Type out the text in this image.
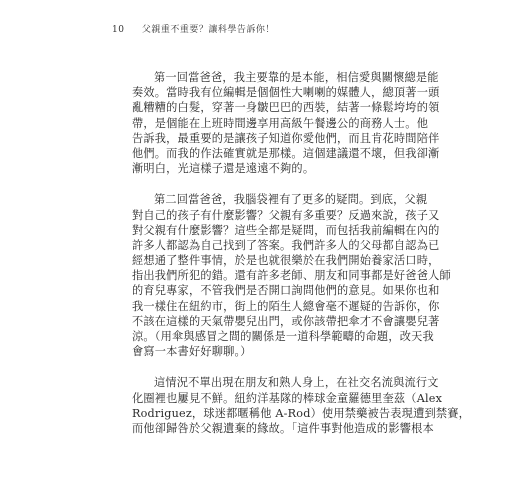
10 父親重不重要？讓科學告訴你！
第一回當爸爸，我主要靠的是本能，相信愛與關懷總是能
奏效。當時我有位編輯是個個性大喇喇的媒體人，總頂著一頭
亂糟糟的白髮，穿著一身皺巴巴的西裝，結著一條鬆垮垮的領
帶，是個能在上班時間邊享用高級午餐邊公的商務人士。他
告訴我，最重要的是讓孩子知道你愛他們，而且肯花時間陪伴
他們。而我的作法確實就是那樣。這個建議還不壞，但我卻漸
漸明白，光這樣子還是遠遠不夠的。
第二回當爸爸，我腦袋裡有了更多的疑問。到底，父親
對自己的孩子有什麼影響？父親有多重要？反過來說，孩子又
對父親有什麼影響？這些全都是疑問，而包括我前編輯在內的
許多人都認為自己找到了答案。我們許多人的父母都自認為已
經想通了整件事情，於是也就很樂於在我們開始養家活口時，
指出我們所犯的錯。還有許多老師、朋友和同事都是好爸爸人師
的育兒專家，不管我們是否開口詢問他們的意見。如果你也和
我一樣住在紐約市，街上的陌生人總會毫不遲疑的告訴你，你
不該在這樣的天氣帶嬰兒出門，或你該帶把傘才不會讓嬰兒著
涼。（用傘與感冒之間的關係是一道科學範疇的命題，改天我
會寫一本書好好聊聊。）
這情況不單出現在朋友和熟人身上，在社交名流與流行文
化圈裡也屢見不鮮。紐約洋基隊的棒球金童羅德里奎茲（Alex
Rodriguez，球迷都暱稱他 A-Rod）使用禁藥被告表現遭到禁賽，
而他卻歸咎於父親遺棄的緣故。「這件事對他造成的影響根本
